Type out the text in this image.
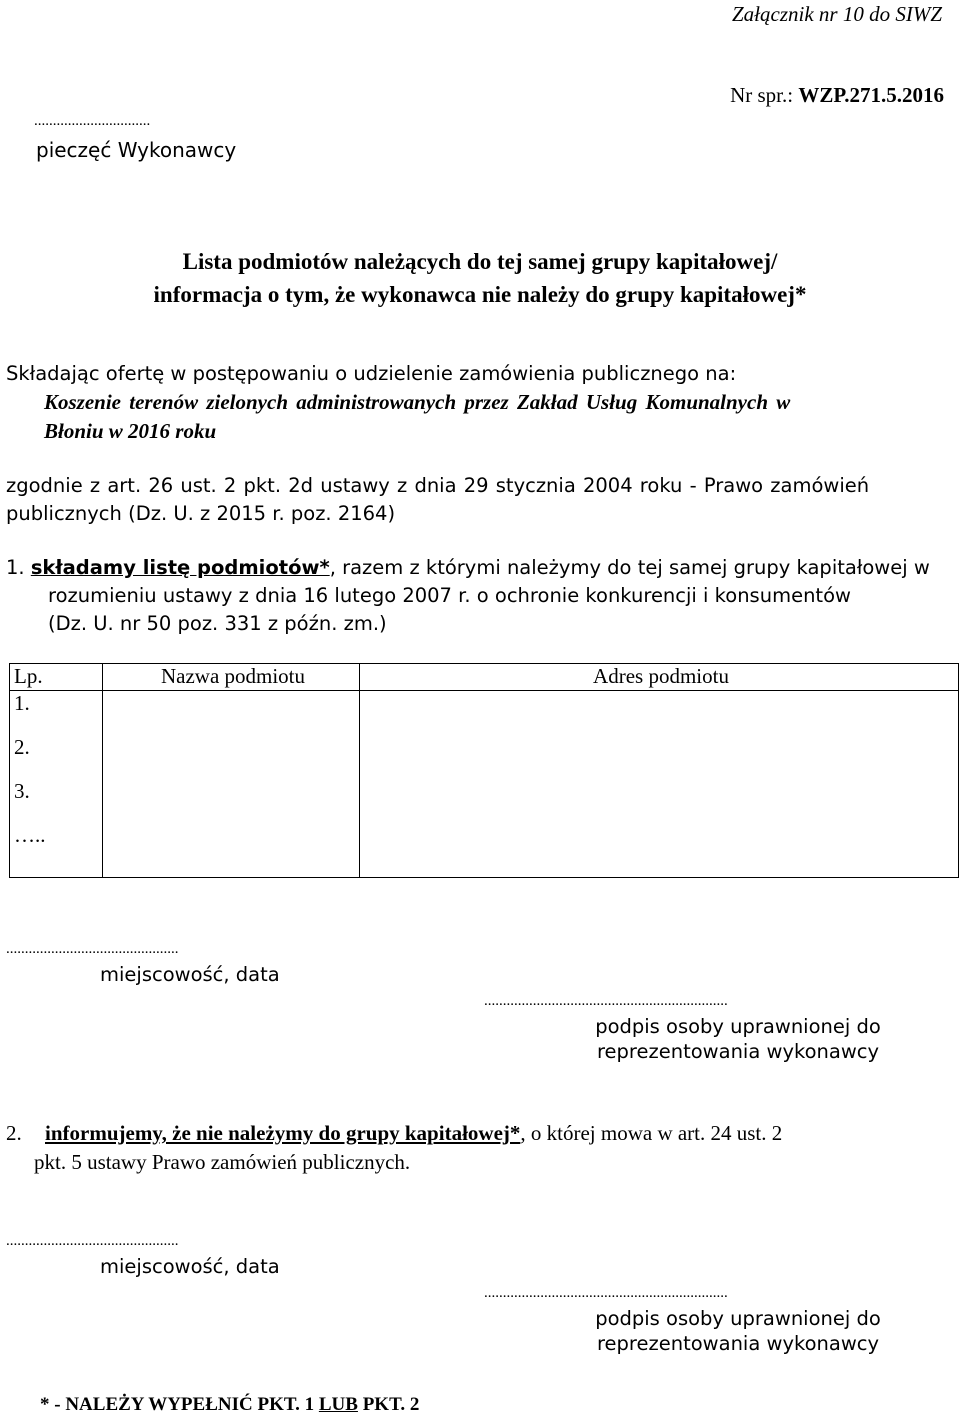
Załącznik nr 10 do SIWZ
Nr spr.: WZP.271.5.2016
...............................
pieczęć Wykonawcy
Lista podmiotów należących do tej samej grupy kapitałowej/
informacja o tym, że wykonawca nie należy do grupy kapitałowej*
Składając ofertę w postępowaniu o udzielenie zamówienia publicznego na:
Koszenie terenów zielonych administrowanych przez Zakład Usług Komunalnych w
Błoniu w 2016 roku
zgodnie z art. 26 ust. 2 pkt. 2d ustawy z dnia 29 stycznia 2004 roku - Prawo zamówień
publicznych (Dz. U. z 2015 r. poz. 2164)
1. składamy listę podmiotów*, razem z którymi należymy do tej samej grupy kapitałowej w
rozumieniu ustawy z dnia 16 lutego 2007 r. o ochronie konkurencji i konsumentów
(Dz. U. nr 50 poz. 331 z późn. zm.)
Lp.	Nazwa podmiotu	Adres podmiotu

1.
2.
3.
…..		

..............................................
miejscowość, data
.................................................................
podpis osoby uprawnionej do
reprezentowania wykonawcy
2. informujemy, że nie należymy do grupy kapitałowej*, o której mowa w art. 24 ust. 2
pkt. 5 ustawy Prawo zamówień publicznych.
..............................................
miejscowość, data
.................................................................
podpis osoby uprawnionej do
reprezentowania wykonawcy
* - NALEŻY WYPEŁNIĆ PKT. 1 LUB PKT. 2
